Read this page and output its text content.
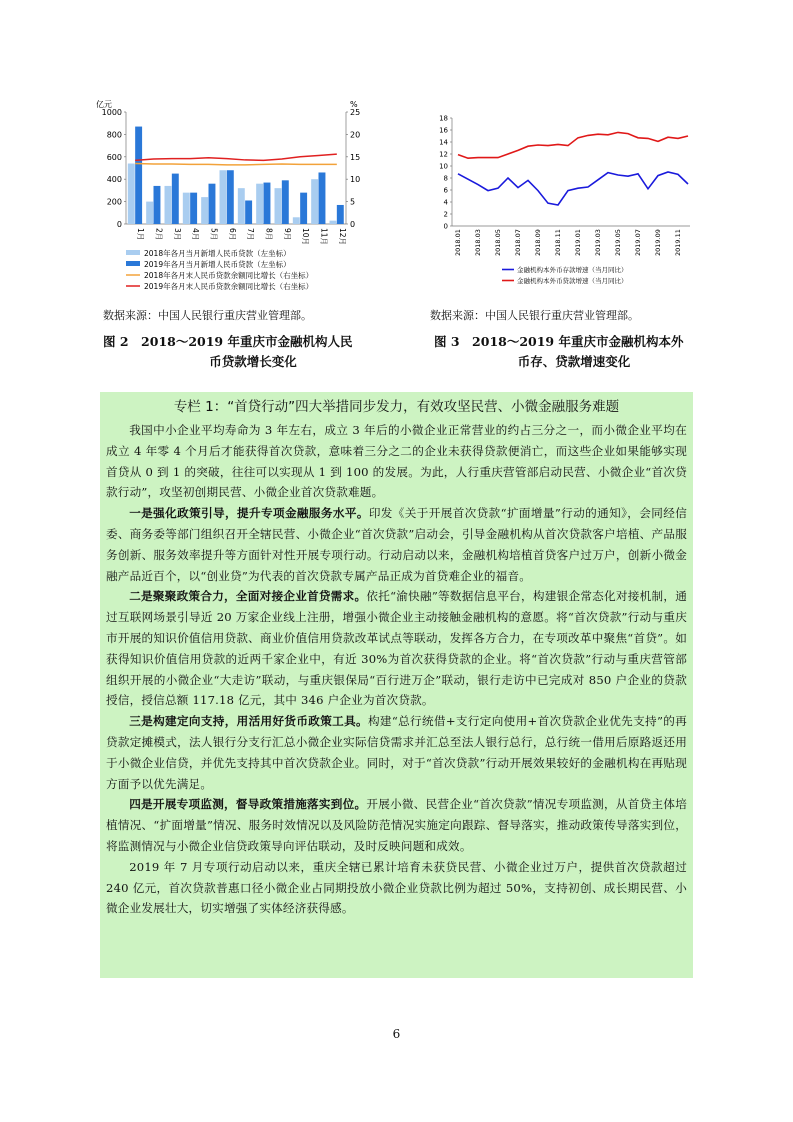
亿元	%
0
200
400
600
800
1000
0
5
10
15
20
25
1月 2月 3月 4月 5月 6月 7月 8月 9月 10月 11月 12月
2018年各月当月新增人民币贷款（左坐标）
2019年各月当月新增人民币贷款（左坐标）
2018年各月末人民币贷款余额同比增长（右坐标）
2019年各月末人民币贷款余额同比增长（右坐标）
数据来源：中国人民银行重庆营业管理部。
图 2　2018～2019 年重庆市金融机构人民
币贷款增长变化
0
2
4
6
8
10
12
14
16
18
2018.01 2018.03 2018.05 2018.07 2018.09 2018.11 2019.01 2019.03 2019.05 2019.07 2019.09 2019.11
金融机构本外币存款增速（当月同比）
金融机构本外币贷款增速（当月同比）
数据来源：中国人民银行重庆营业管理部。
图 3　2018～2019 年重庆市金融机构本外
币存、贷款增速变化
专栏 1：“首贷行动”四大举措同步发力，有效攻坚民营、小微金融服务难题

我国中小企业平均寿命为 3 年左右，成立 3 年后的小微企业正常营业的约占三分之一，而小微企业平均在成立 4 年零 4 个月后才能获得首次贷款，意味着三分之二的企业未获得贷款便消亡，而这些企业如果能够实现首贷从 0 到 1 的突破，往往可以实现从 1 到 100 的发展。为此，人行重庆营管部启动民营、小微企业“首次贷款行动”，攻坚初创期民营、小微企业首次贷款难题。

一是强化政策引导，提升专项金融服务水平。印发《关于开展首次贷款“扩面增量”行动的通知》，会同经信委、商务委等部门组织召开全辖民营、小微企业“首次贷款”启动会，引导金融机构从首次贷款客户培植、产品服务创新、服务效率提升等方面针对性开展专项行动。行动启动以来，金融机构培植首贷客户过万户，创新小微金融产品近百个，以“创业贷”为代表的首次贷款专属产品正成为首贷难企业的福音。

二是聚聚政策合力，全面对接企业首贷需求。依托“渝快融”等数据信息平台，构建银企常态化对接机制，通过互联网场景引导近 20 万家企业线上注册，增强小微企业主动接触金融机构的意愿。将“首次贷款”行动与重庆市开展的知识价值信用贷款、商业价值信用贷款改革试点等联动，发挥各方合力，在专项改革中聚焦“首贷”。如获得知识价值信用贷款的近两千家企业中，有近 30%为首次获得贷款的企业。将“首次贷款”行动与重庆营管部组织开展的小微企业“大走访”联动，与重庆银保局“百行进万企”联动，银行走访中已完成对 850 户企业的贷款授信，授信总额 117.18 亿元，其中 346 户企业为首次贷款。

三是构建定向支持，用活用好货币政策工具。构建“总行统借+支行定向使用+首次贷款企业优先支持”的再贷款定摊模式，法人银行分支行汇总小微企业实际信贷需求并汇总至法人银行总行，总行统一借用后原路返还用于小微企业信贷，并优先支持其中首次贷款企业。同时，对于“首次贷款”行动开展效果较好的金融机构在再贴现方面予以优先满足。

四是开展专项监测，督导政策措施落实到位。开展小微、民营企业“首次贷款”情况专项监测，从首贷主体培植情况、“扩面增量”情况、服务时效情况以及风险防范情况实施定向跟踪、督导落实，推动政策传导落实到位，将监测情况与小微企业信贷政策导向评估联动，及时反映问题和成效。

2019 年 7 月专项行动启动以来，重庆全辖已累计培育未获贷民营、小微企业过万户，提供首次贷款超过 240 亿元，首次贷款普惠口径小微企业占同期投放小微企业贷款比例为超过 50%，支持初创、成长期民营、小微企业发展壮大，切实增强了实体经济获得感。

6
